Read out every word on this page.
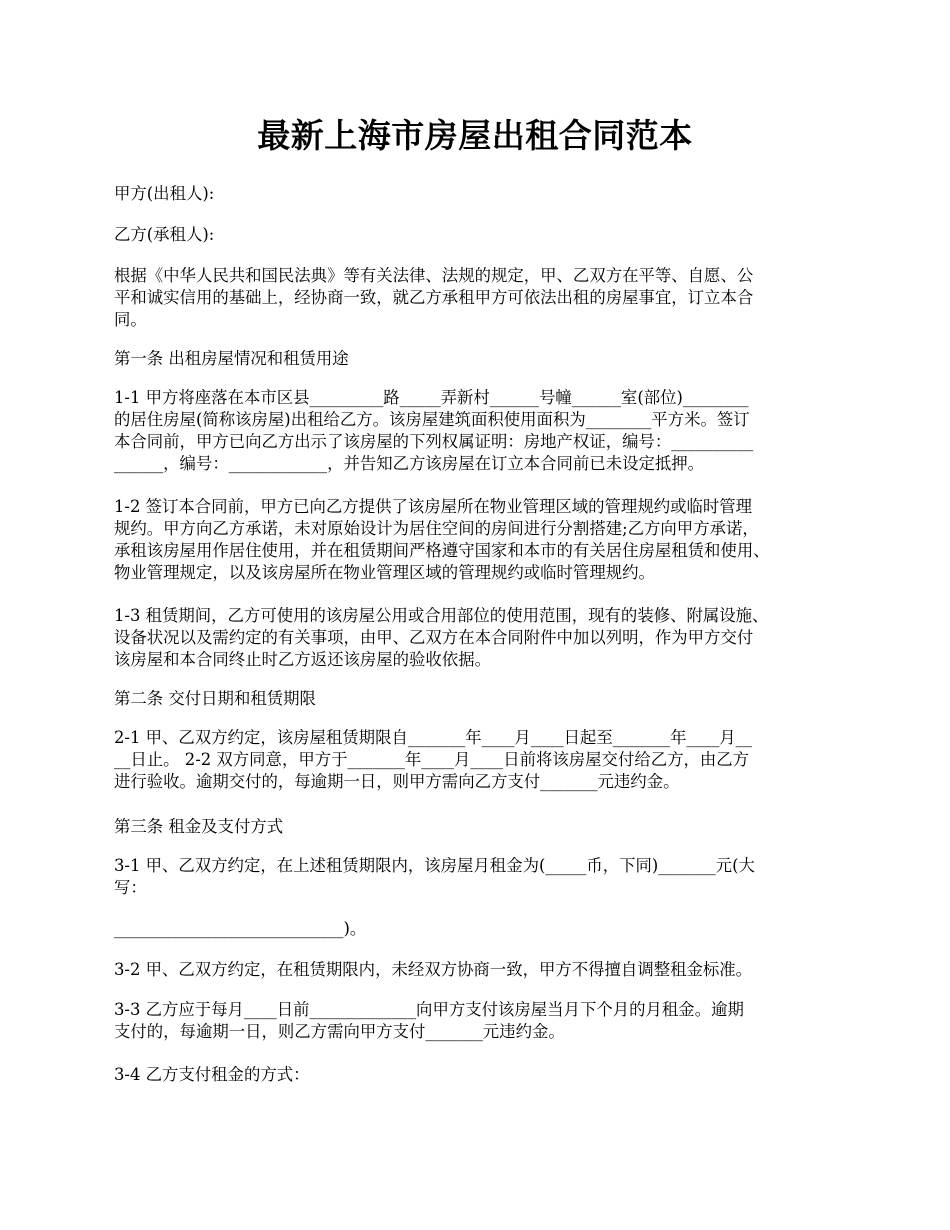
最新上海市房屋出租合同范本

甲方(出租人):

乙方(承租人):

根据《中华人民共和国民法典》等有关法律、法规的规定，甲、乙双方在平等、自愿、公
平和诚实信用的基础上，经协商一致，就乙方承租甲方可依法出租的房屋事宜，订立本合
同。

第一条 出租房屋情况和租赁用途

1-1 甲方将座落在本市区县_________路_____弄新村______号幢______室(部位)________
的居住房屋(简称该房屋)出租给乙方。该房屋建筑面积使用面积为________平方米。签订
本合同前，甲方已向乙方出示了该房屋的下列权属证明：房地产权证，编号：__________
______，编号：____________，并告知乙方该房屋在订立本合同前已未设定抵押。

1-2 签订本合同前，甲方已向乙方提供了该房屋所在物业管理区域的管理规约或临时管理
规约。甲方向乙方承诺，未对原始设计为居住空间的房间进行分割搭建;乙方向甲方承诺，
承租该房屋用作居住使用，并在租赁期间严格遵守国家和本市的有关居住房屋租赁和使用、
物业管理规定，以及该房屋所在物业管理区域的管理规约或临时管理规约。

1-3 租赁期间，乙方可使用的该房屋公用或合用部位的使用范围，现有的装修、附属设施、
设备状况以及需约定的有关事项，由甲、乙双方在本合同附件中加以列明，作为甲方交付
该房屋和本合同终止时乙方返还该房屋的验收依据。

第二条 交付日期和租赁期限

2-1 甲、乙双方约定，该房屋租赁期限自_______年____月____日起至_______年____月__
__日止。 2-2 双方同意，甲方于_______年____月____日前将该房屋交付给乙方，由乙方
进行验收。逾期交付的，每逾期一日，则甲方需向乙方支付_______元违约金。

第三条 租金及支付方式

3-1 甲、乙双方约定，在上述租赁期限内，该房屋月租金为(_____币，下同)_______元(大
写：

____________________________)。

3-2 甲、乙双方约定，在租赁期限内，未经双方协商一致，甲方不得擅自调整租金标准。

3-3 乙方应于每月____日前_____________向甲方支付该房屋当月下个月的月租金。逾期
支付的，每逾期一日，则乙方需向甲方支付_______元违约金。

3-4 乙方支付租金的方式：
